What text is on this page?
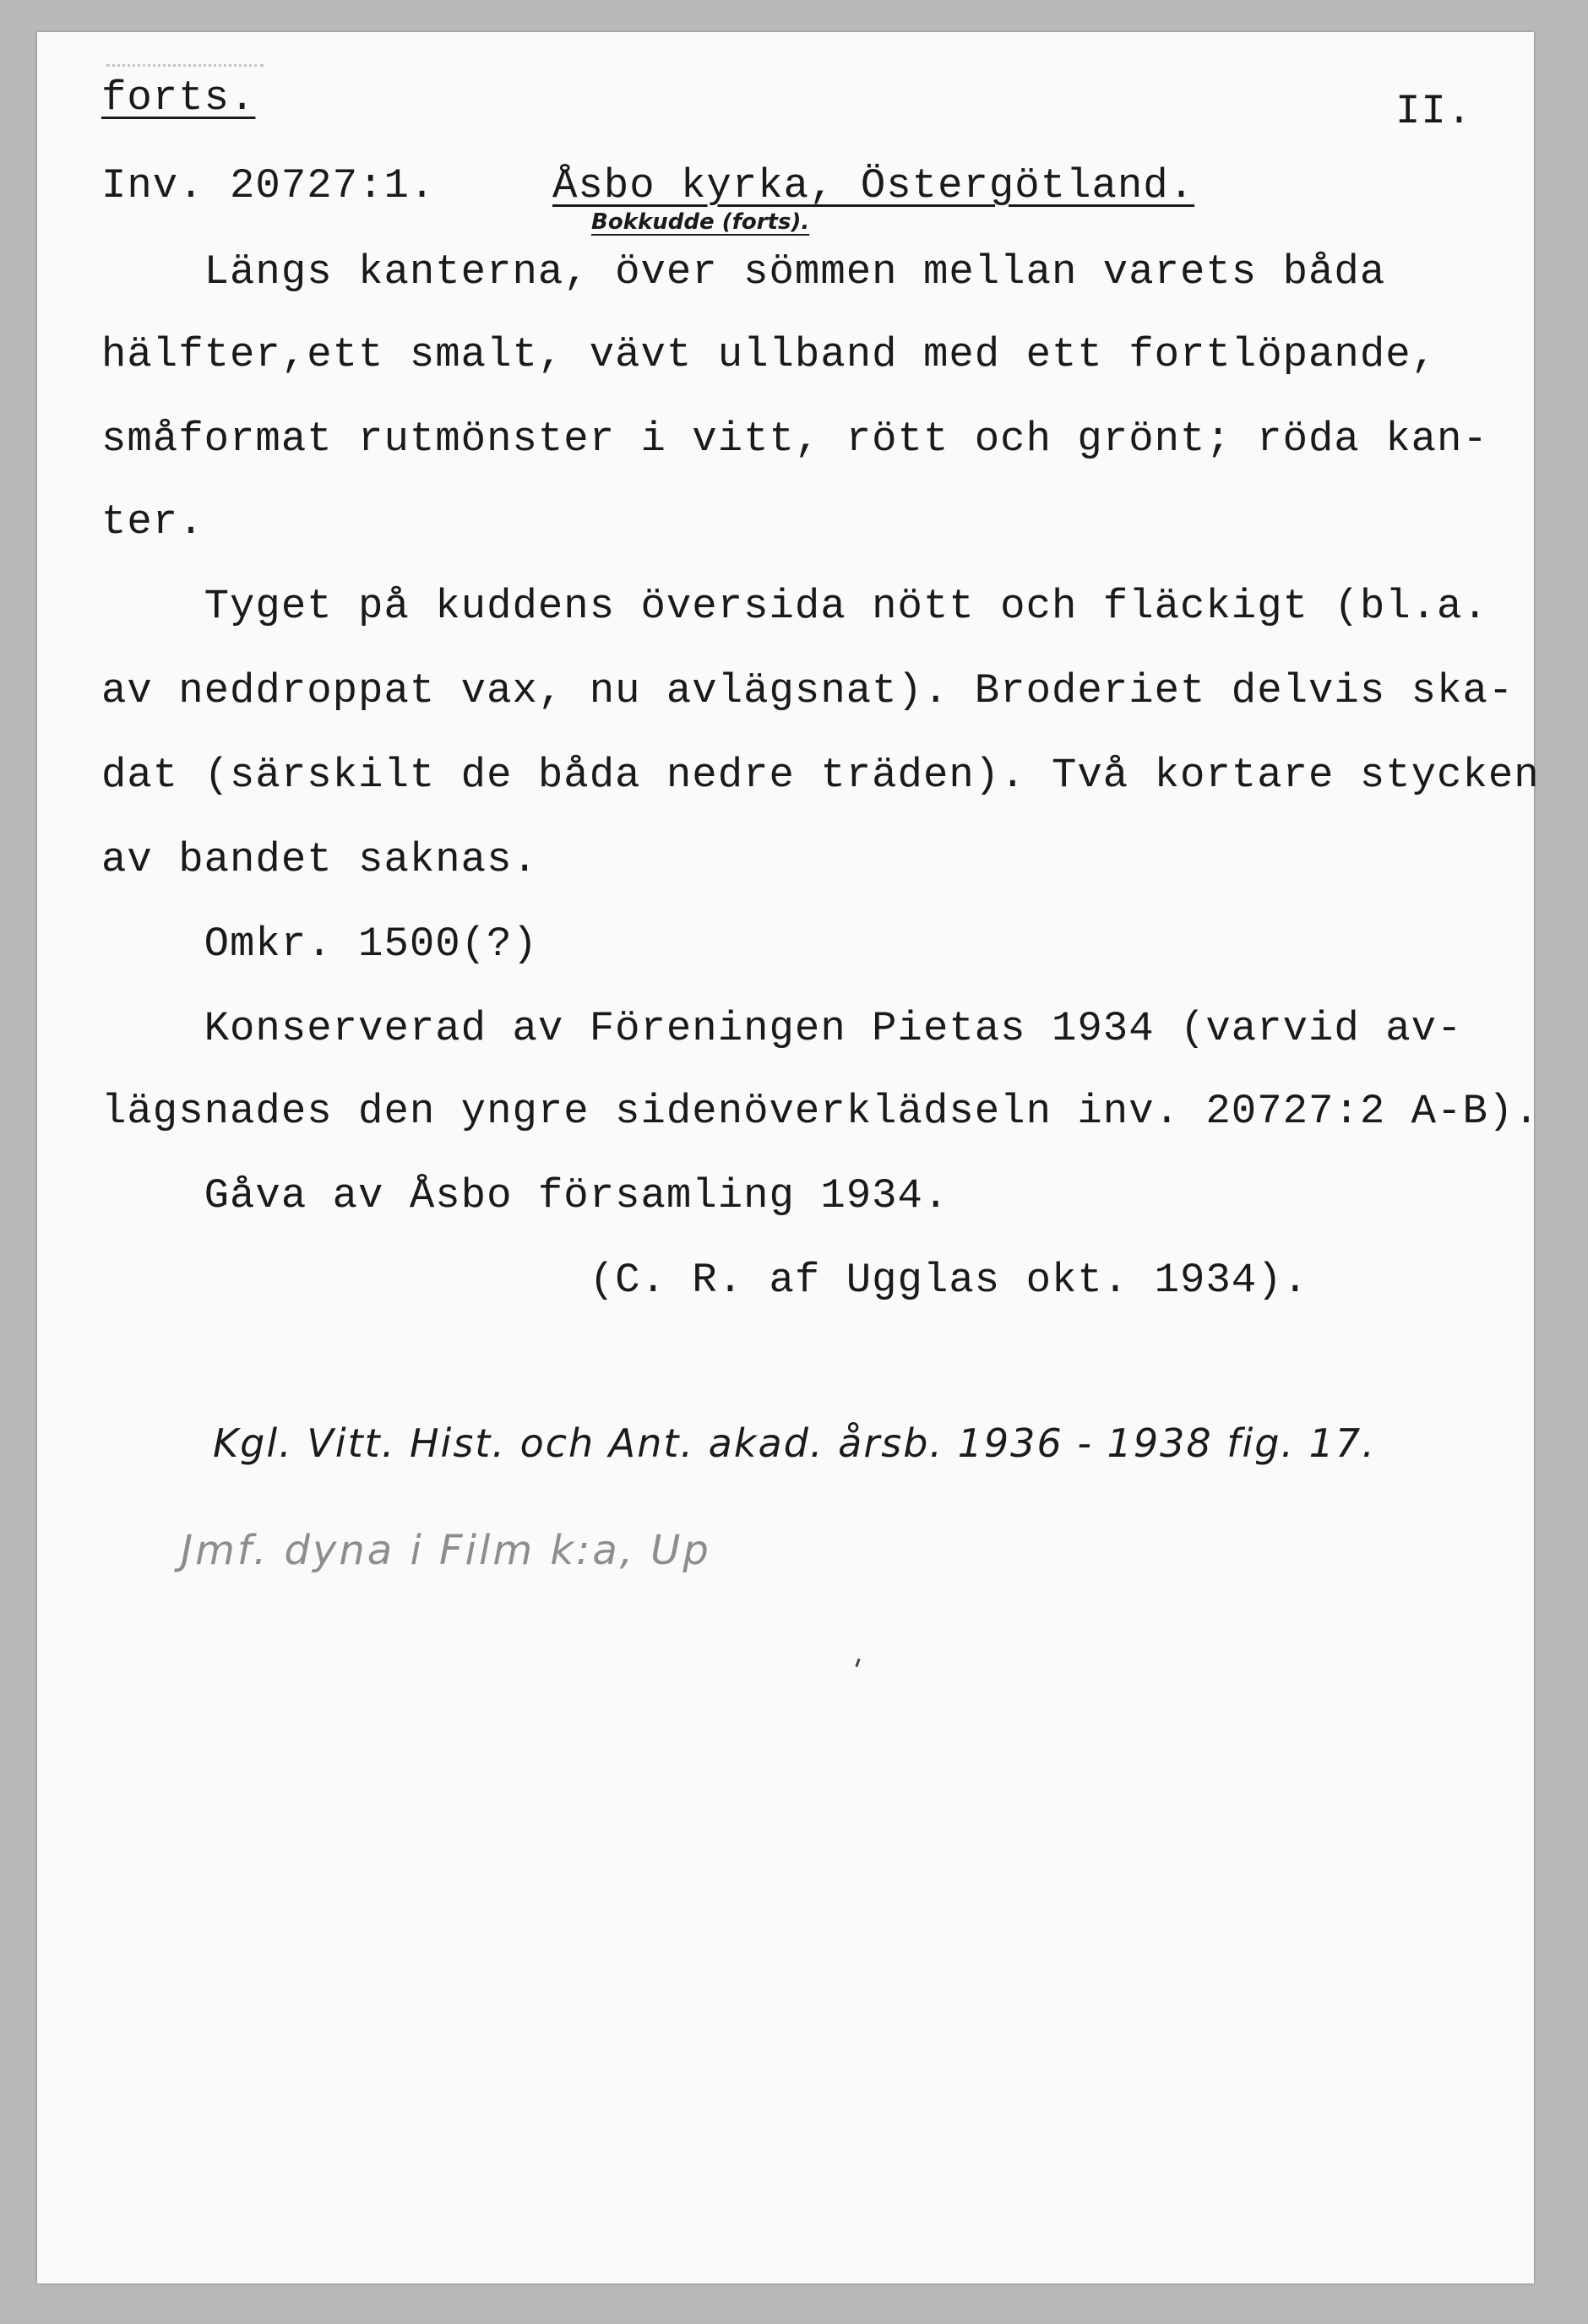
forts.	II.
Inv. 20727:1.	Åsbo kyrka, Östergötland.
Bokkudde (forts).
Längs kanterna, över sömmen mellan varets båda
hälfter,ett smalt, vävt ullband med ett fortlöpande,
småformat rutmönster i vitt, rött och grönt; röda kan-
ter.
Tyget på kuddens översida nött och fläckigt (bl.a.
av neddroppat vax, nu avlägsnat). Broderiet delvis ska-
dat (särskilt de båda nedre träden). Två kortare stycken
av bandet saknas.
Omkr. 1500(?)
Konserverad av Föreningen Pietas 1934 (varvid av-
lägsnades den yngre sidenöverklädseln inv. 20727:2 A-B).
Gåva av Åsbo församling 1934.
(C. R. af Ugglas okt. 1934).
Kgl. Vitt. Hist. och Ant. akad. årsb. 1936 - 1938 fig. 17.
Jmf. dyna i Film k:a, Up
